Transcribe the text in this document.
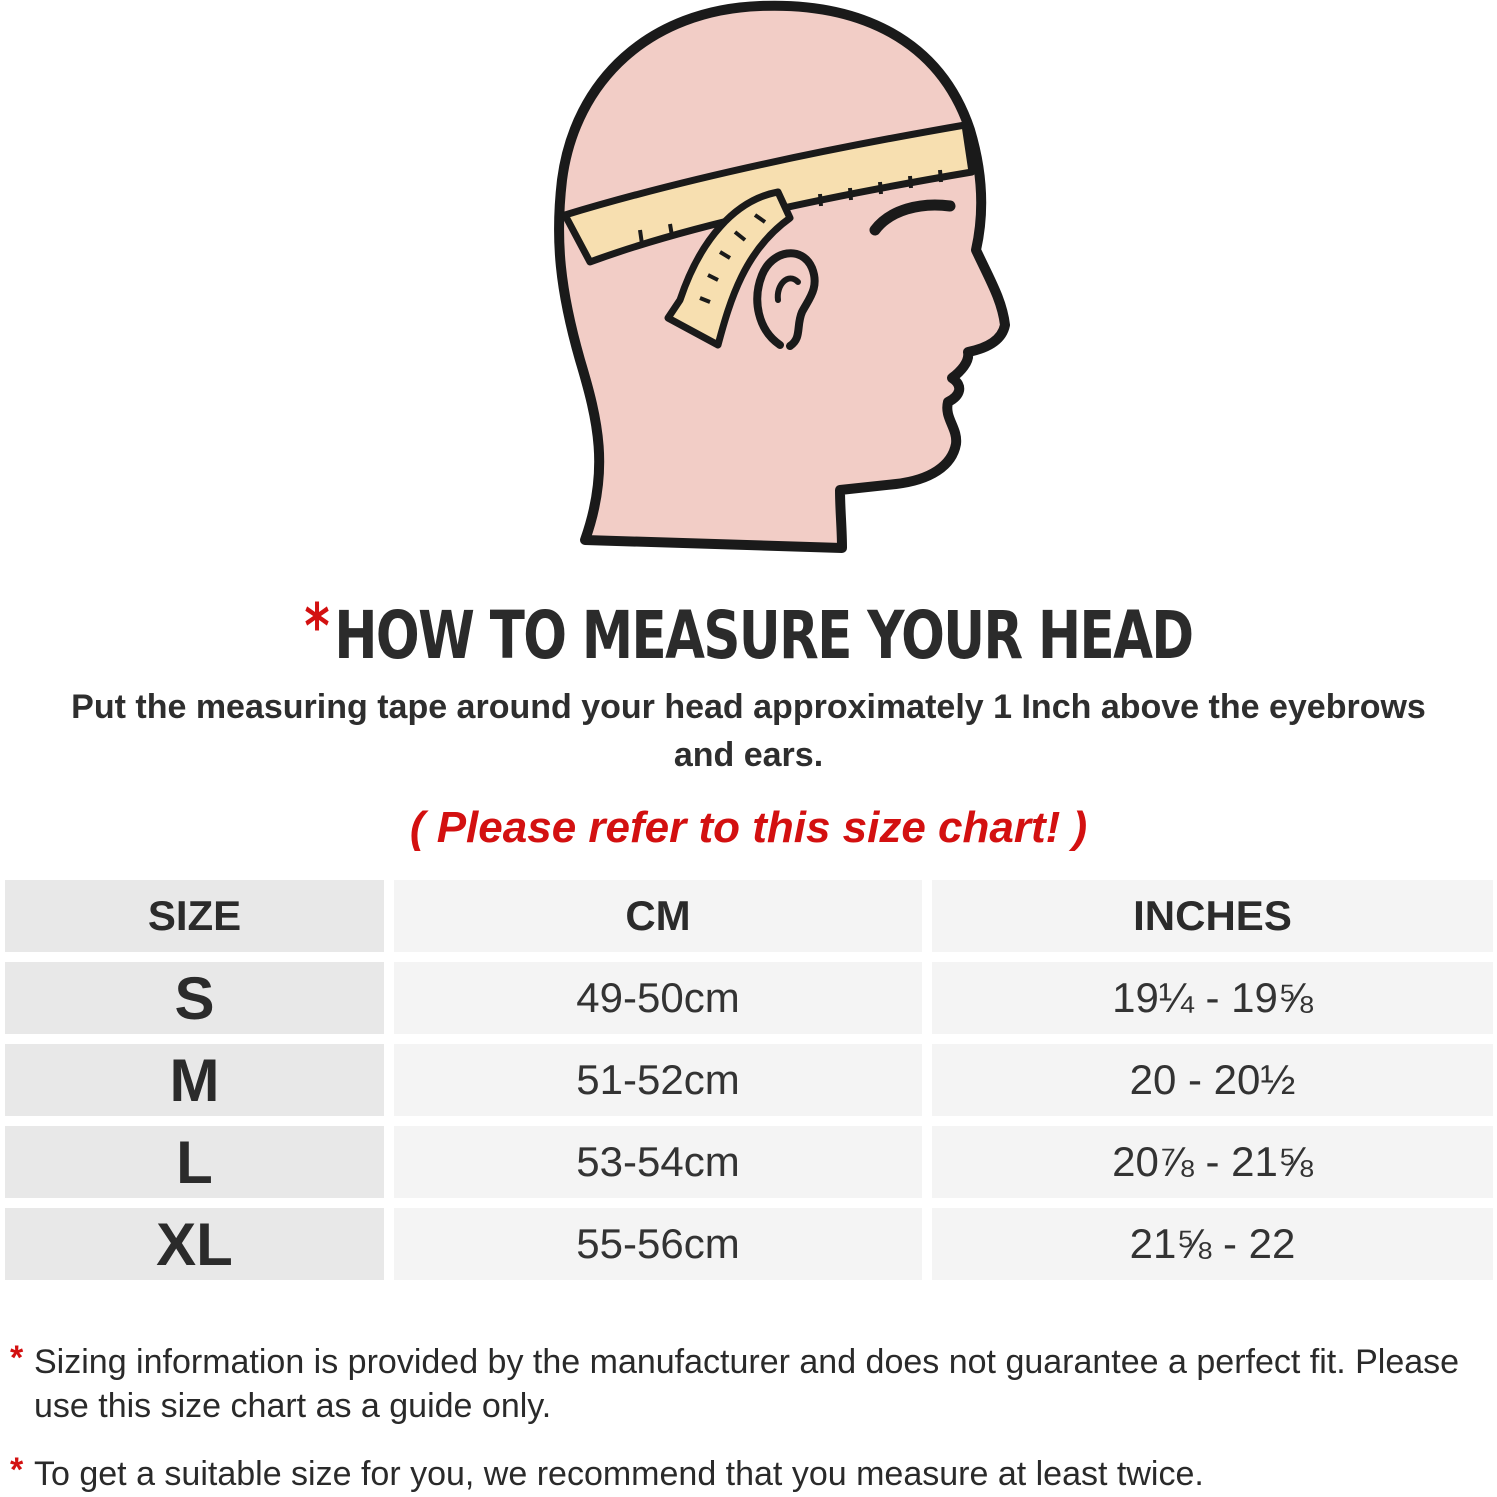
*HOW TO MEASURE YOUR HEAD
Put the measuring tape around your head approximately 1 Inch above the eyebrows and ears.
( Please refer to this size chart! )
SIZE	CM	INCHES
S	49-50cm	19¼ - 19⅝
M	51-52cm	20 - 20½
L	53-54cm	20⅞ - 21⅝
XL	55-56cm	21⅝ - 22
* Sizing information is provided by the manufacturer and does not guarantee a perfect fit. Please use this size chart as a guide only.
* To get a suitable size for you, we recommend that you measure at least twice.
